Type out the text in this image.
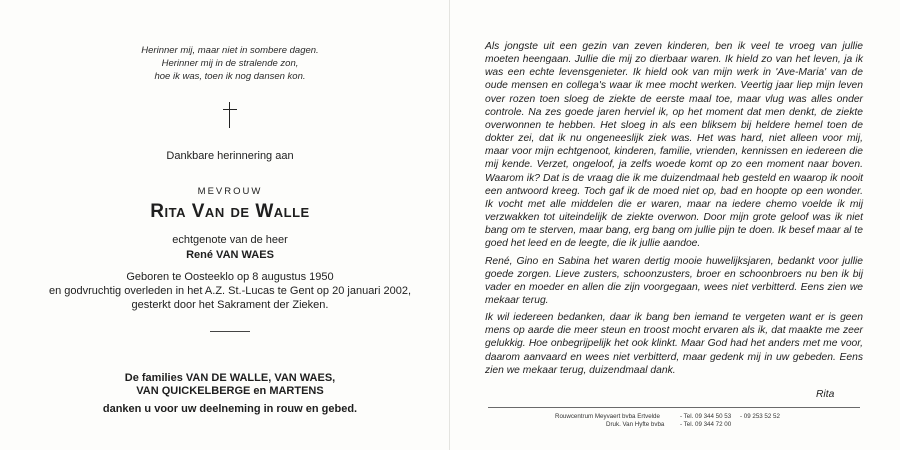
Herinner mij, maar niet in sombere dagen.
Herinner mij in de stralende zon,
hoe ik was, toen ik nog dansen kon.
Dankbare herinnering aan
MEVROUW
Rita Van de Walle
echtgenote van de heer
René VAN WAES
Geboren te Oosteeklo op 8 augustus 1950
en godvruchtig overleden in het A.Z. St.-Lucas te Gent op 20 januari 2002,
gesterkt door het Sakrament der Zieken.
De families VAN DE WALLE, VAN WAES,
VAN QUICKELBERGE en MARTENS
danken u voor uw deelneming in rouw en gebed.

Als jongste uit een gezin van zeven kinderen, ben ik veel te vroeg van jullie moeten heengaan. Jullie die mij zo dierbaar waren. Ik hield zo van het leven, ja ik was een echte levensgenieter. Ik hield ook van mijn werk in 'Ave-Maria' van de oude mensen en collega's waar ik mee mocht werken. Veertig jaar liep mijn leven over rozen toen sloeg de ziekte de eerste maal toe, maar vlug was alles onder controle. Na zes goede jaren herviel ik, op het moment dat men denkt, de ziekte overwonnen te hebben. Het sloeg in als een bliksem bij heldere hemel toen de dokter zei, dat ik nu ongeneeslijk ziek was. Het was hard, niet alleen voor mij, maar voor mijn echtgenoot, kinderen, familie, vrienden, kennissen en iedereen die mij kende. Verzet, ongeloof, ja zelfs woede komt op zo een moment naar boven. Waarom ik? Dat is de vraag die ik me duizendmaal heb gesteld en waarop ik nooit een antwoord kreeg. Toch gaf ik de moed niet op, bad en hoopte op een wonder. Ik vocht met alle middelen die er waren, maar na iedere chemo voelde ik mij verzwakken tot uiteindelijk de ziekte overwon. Door mijn grote geloof was ik niet bang om te sterven, maar bang, erg bang om jullie pijn te doen. Ik besef maar al te goed het leed en de leegte, die ik jullie aandoe.

René, Gino en Sabina het waren dertig mooie huwelijksjaren, bedankt voor jullie goede zorgen. Lieve zusters, schoonzusters, broer en schoonbroers nu ben ik bij vader en moeder en allen die zijn voorgegaan, wees niet verbitterd. Eens zien we mekaar terug.

Ik wil iedereen bedanken, daar ik bang ben iemand te vergeten want er is geen mens op aarde die meer steun en troost mocht ervaren als ik, dat maakte me zeer gelukkig. Hoe onbegrijpelijk het ook klinkt. Maar God had het anders met me voor, daarom aanvaard en wees niet verbitterd, maar gedenk mij in uw gebeden. Eens zien we mekaar terug, duizendmaal dank.

Rita
Rouwcentrum Meyvaert bvba Ertvelde	- Tel. 09 344 50 53	- 09 253 52 52
Druk. Van Hyfte bvba	- Tel. 09 344 72 00
